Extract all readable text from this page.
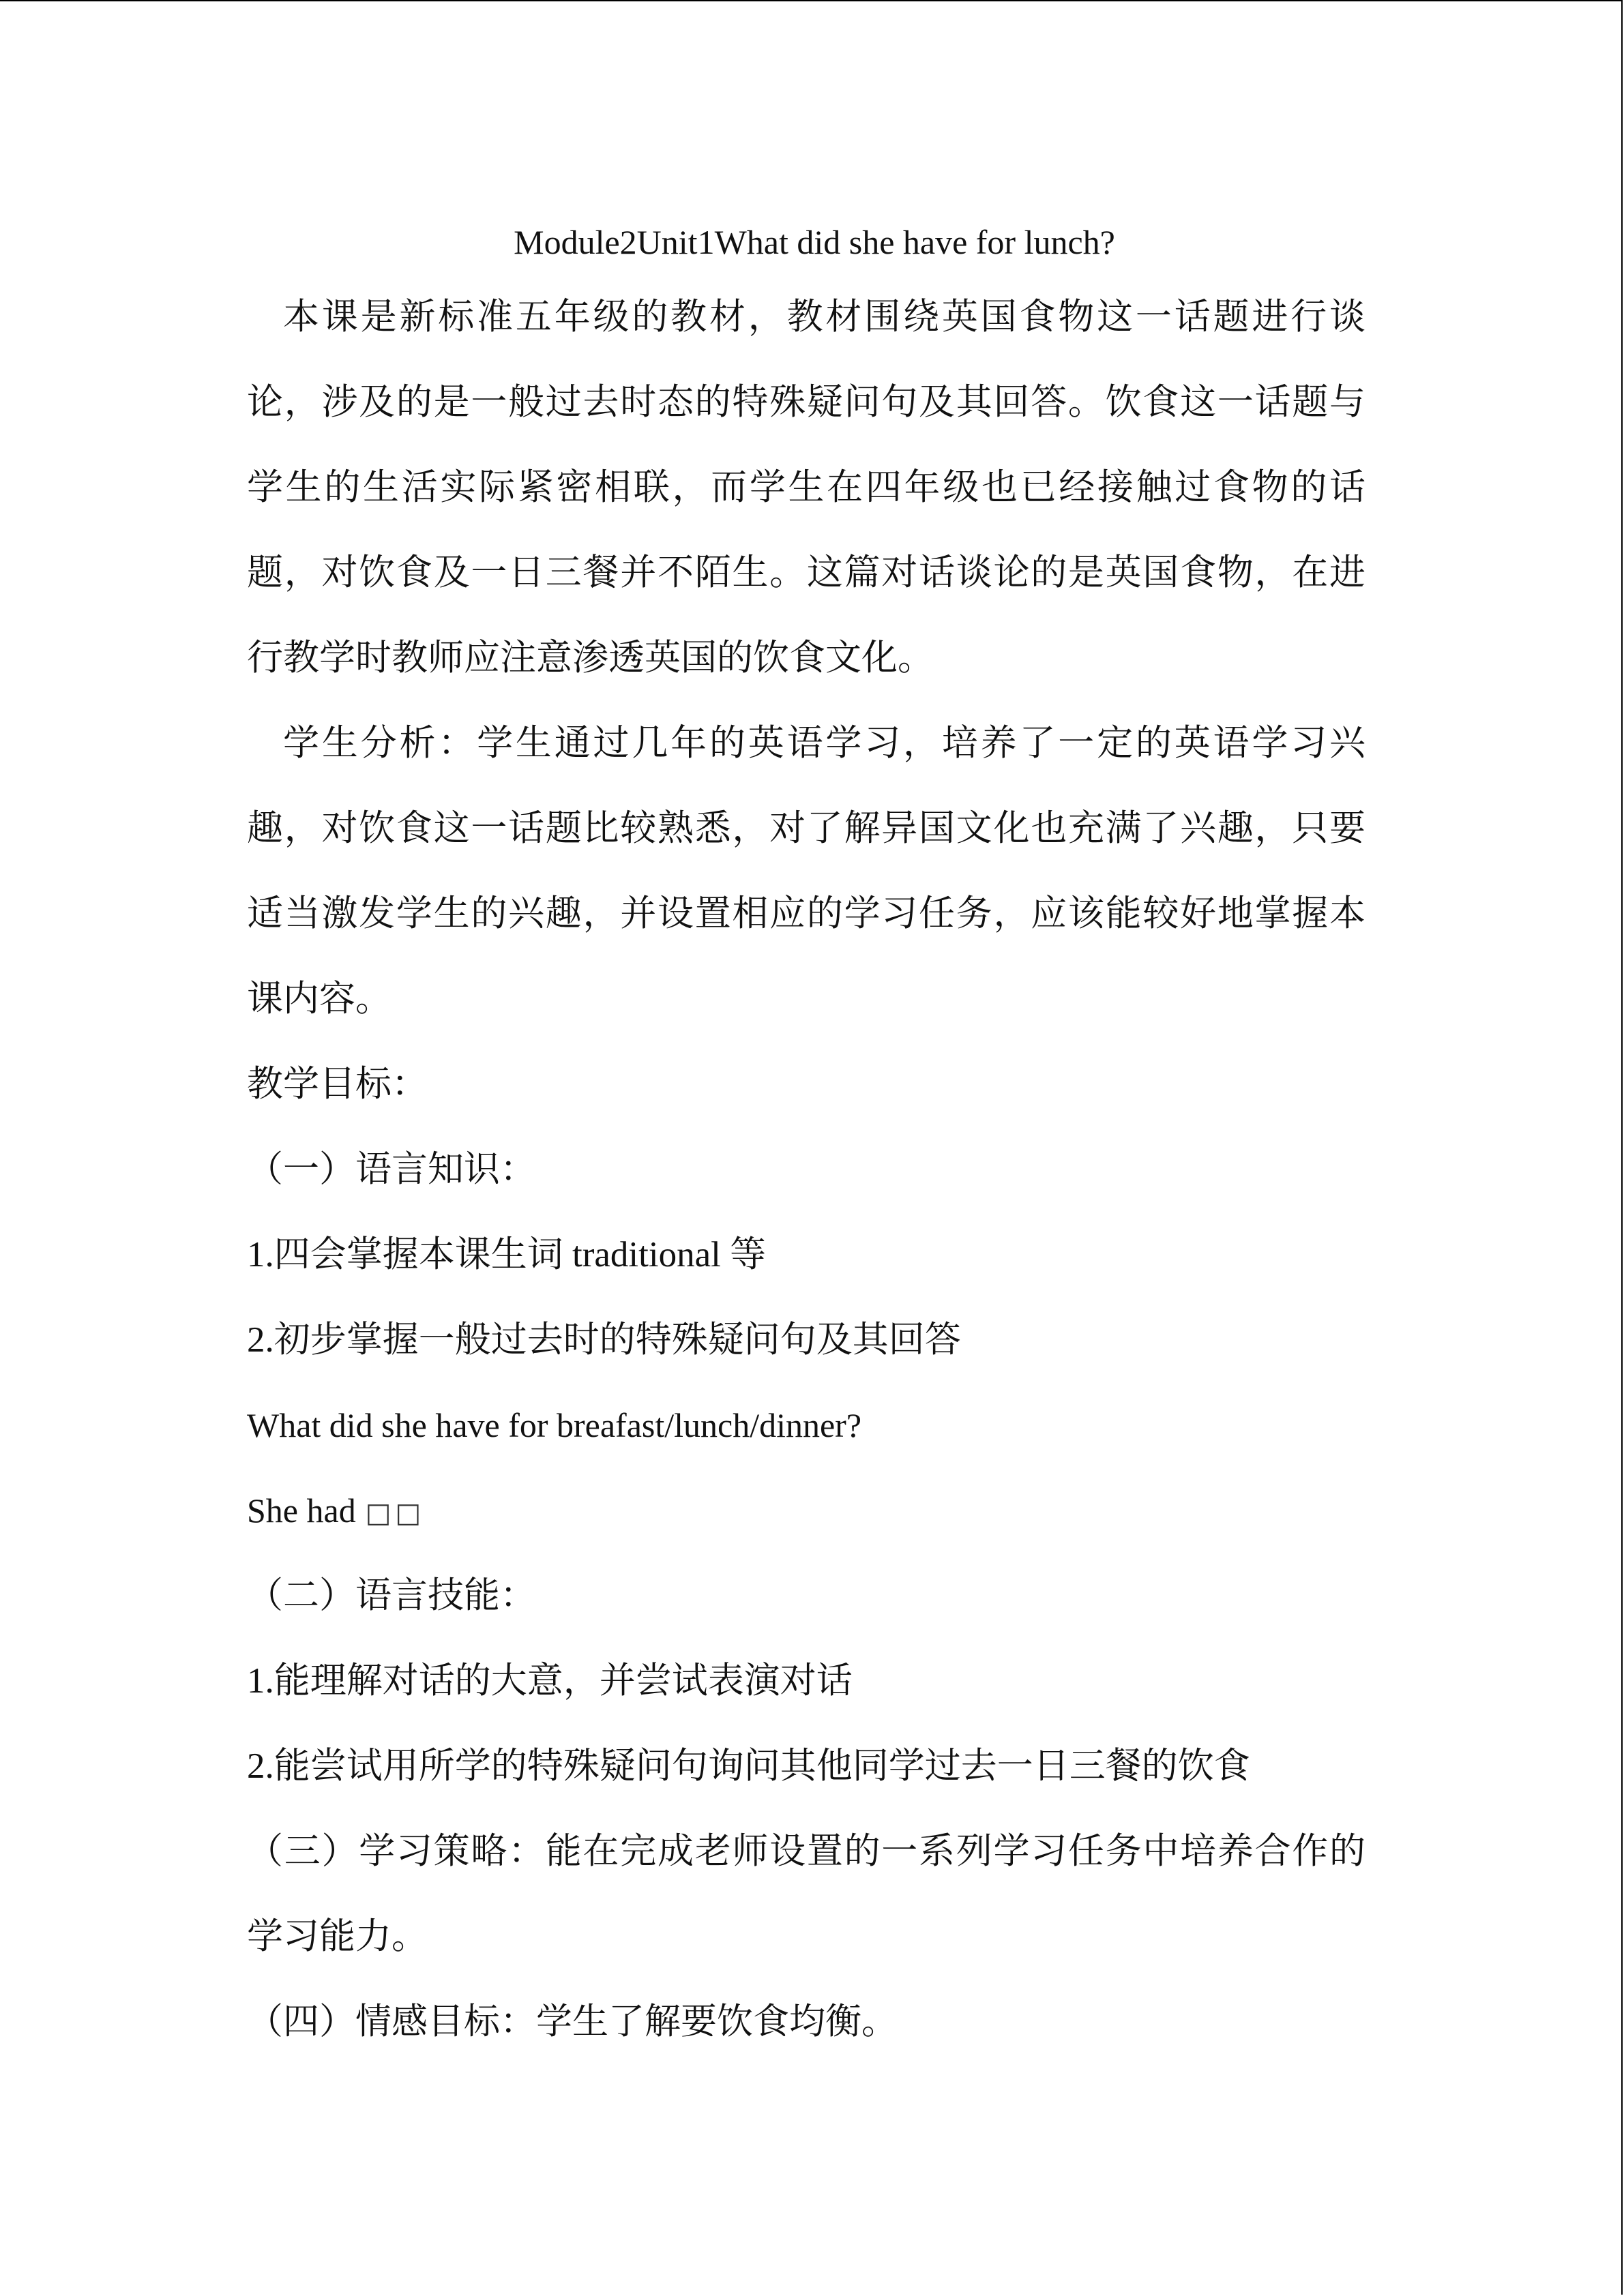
Module2Unit1What did she have for lunch?

本课是新标准五年级的教材，教材围绕英国食物这一话题进行谈论，涉及的是一般过去时态的特殊疑问句及其回答。饮食这一话题与学生的生活实际紧密相联，而学生在四年级也已经接触过食物的话题，对饮食及一日三餐并不陌生。这篇对话谈论的是英国食物，在进行教学时教师应注意渗透英国的饮食文化。

学生分析：学生通过几年的英语学习，培养了一定的英语学习兴趣，对饮食这一话题比较熟悉，对了解异国文化也充满了兴趣，只要适当激发学生的兴趣，并设置相应的学习任务，应该能较好地掌握本课内容。

教学目标：
（一）语言知识：
1.四会掌握本课生词 traditional 等
2.初步掌握一般过去时的特殊疑问句及其回答
What did she have for breafast/lunch/dinner?
She had □□
（二）语言技能：
1.能理解对话的大意，并尝试表演对话
2.能尝试用所学的特殊疑问句询问其他同学过去一日三餐的饮食

（三）学习策略：能在完成老师设置的一系列学习任务中培养合作的学习能力。

（四）情感目标：学生了解要饮食均衡。
